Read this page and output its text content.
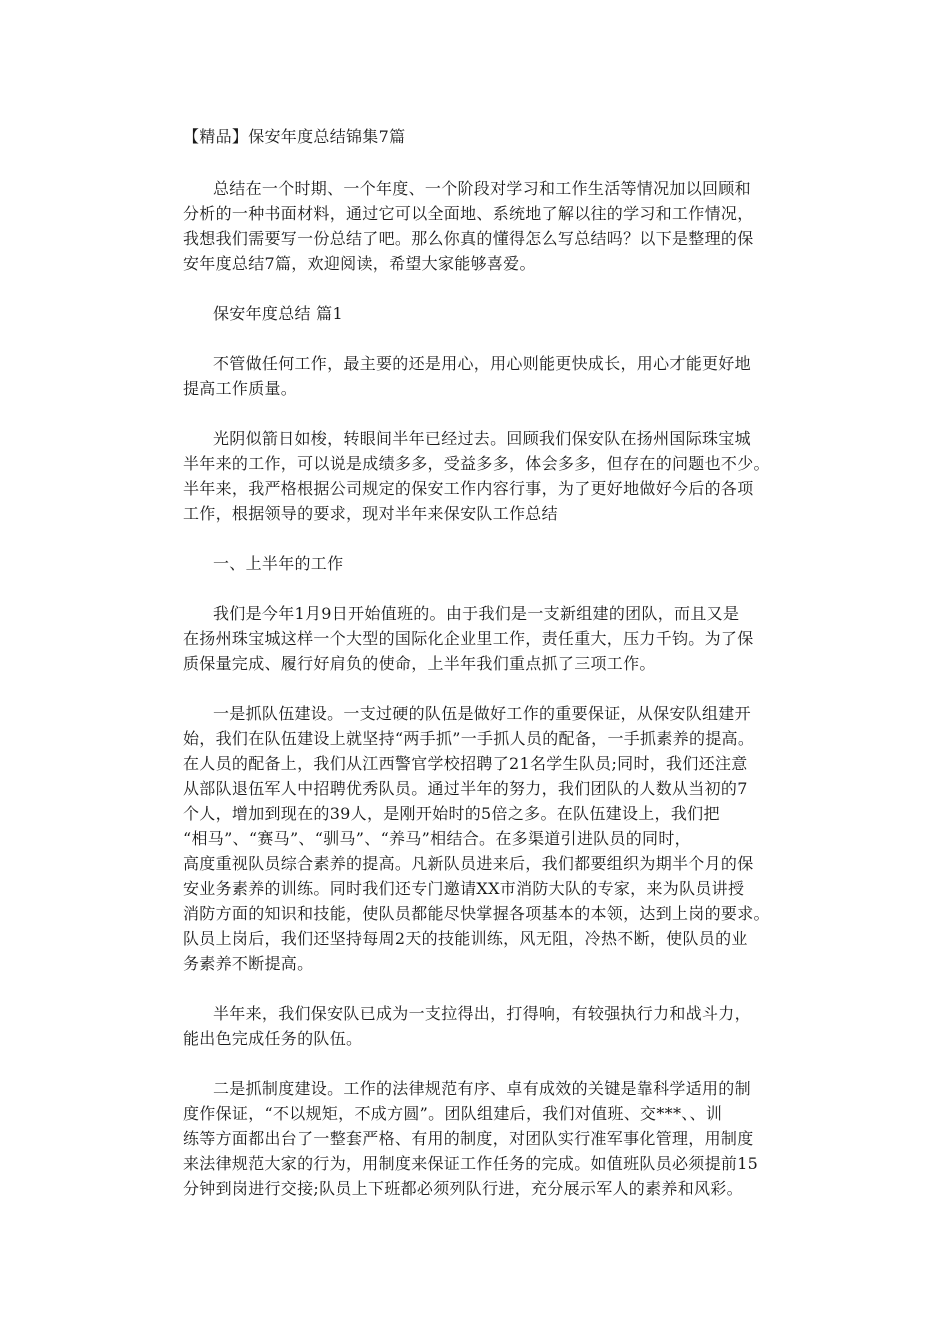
【精品】保安年度总结锦集7篇
总结在一个时期、一个年度、一个阶段对学习和工作生活等情况加以回顾和
分析的一种书面材料，通过它可以全面地、系统地了解以往的学习和工作情况，
我想我们需要写一份总结了吧。那么你真的懂得怎么写总结吗？以下是整理的保
安年度总结7篇，欢迎阅读，希望大家能够喜爱。
保安年度总结 篇1
不管做任何工作，最主要的还是用心，用心则能更快成长，用心才能更好地
提高工作质量。
光阴似箭日如梭，转眼间半年已经过去。回顾我们保安队在扬州国际珠宝城
半年来的工作，可以说是成绩多多，受益多多，体会多多，但存在的问题也不少。
半年来，我严格根据公司规定的保安工作内容行事，为了更好地做好今后的各项
工作，根据领导的要求，现对半年来保安队工作总结
一、上半年的工作
我们是今年1月9日开始值班的。由于我们是一支新组建的团队，而且又是
在扬州珠宝城这样一个大型的国际化企业里工作，责任重大，压力千钧。为了保
质保量完成、履行好肩负的使命，上半年我们重点抓了三项工作。
一是抓队伍建设。一支过硬的队伍是做好工作的重要保证，从保安队组建开
始，我们在队伍建设上就坚持“两手抓”一手抓人员的配备，一手抓素养的提高。
在人员的配备上，我们从江西警官学校招聘了21名学生队员;同时，我们还注意
从部队退伍军人中招聘优秀队员。通过半年的努力，我们团队的人数从当初的7
个人，增加到现在的39人，是刚开始时的5倍之多。在队伍建设上，我们把
“相马”、“赛马”、“驯马”、“养马”相结合。在多渠道引进队员的同时，
高度重视队员综合素养的提高。凡新队员进来后，我们都要组织为期半个月的保
安业务素养的训练。同时我们还专门邀请XX市消防大队的专家，来为队员讲授
消防方面的知识和技能，使队员都能尽快掌握各项基本的本领，达到上岗的要求。
队员上岗后，我们还坚持每周2天的技能训练，风无阻，冷热不断，使队员的业
务素养不断提高。
半年来，我们保安队已成为一支拉得出，打得响，有较强执行力和战斗力，
能出色完成任务的队伍。
二是抓制度建设。工作的法律规范有序、卓有成效的关键是靠科学适用的制
度作保证，“不以规矩，不成方圆”。团队组建后，我们对值班、交***、、训
练等方面都出台了一整套严格、有用的制度，对团队实行准军事化管理，用制度
来法律规范大家的行为，用制度来保证工作任务的完成。如值班队员必须提前15
分钟到岗进行交接;队员上下班都必须列队行进，充分展示军人的素养和风彩。
